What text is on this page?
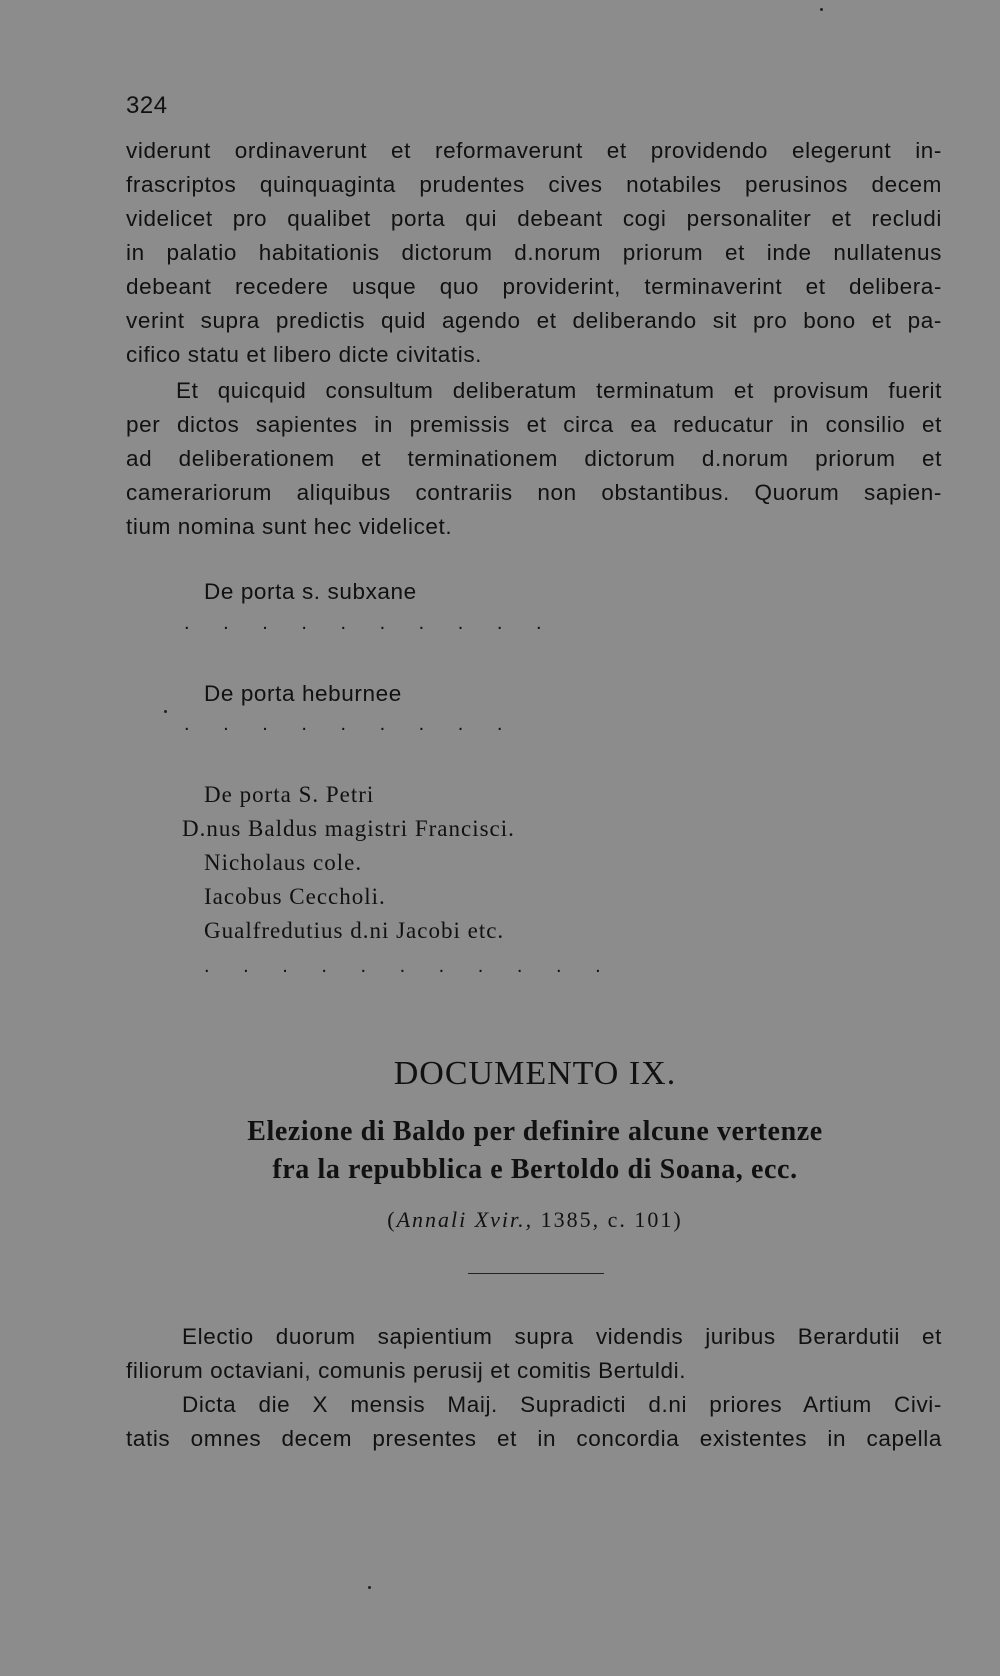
324
viderunt ordinaverunt et reformaverunt et providendo elegerunt in-
frascriptos quinquaginta prudentes cives notabiles perusinos decem
videlicet pro qualibet porta qui debeant cogi personaliter et recludi
in palatio habitationis dictorum d.norum priorum et inde nullatenus
debeant recedere usque quo providerint, terminaverint et delibera-
verint supra predictis quid agendo et deliberando sit pro bono et pa-
cifico statu et libero dicte civitatis.
Et quicquid consultum deliberatum terminatum et provisum fuerit
per dictos sapientes in premissis et circa ea reducatur in consilio et
ad deliberationem et terminationem dictorum d.norum priorum et
camerariorum aliquibus contrariis non obstantibus. Quorum sapien-
tium nomina sunt hec videlicet.
De porta s. subxane
. . . . . . . . . .
De porta heburnee
. . . . . . . . .
De porta S. Petri
D.nus Baldus magistri Francisci.
Nicholaus cole.
Iacobus Ceccholi.
Gualfredutius d.ni Jacobi etc.
. . . . . . . . . . .
DOCUMENTO IX.
Elezione di Baldo per definire alcune vertenze
fra la repubblica e Bertoldo di Soana, ecc.
(Annali Xvir., 1385, c. 101)
Electio duorum sapientium supra videndis juribus Berardutii et
filiorum octaviani, comunis perusij et comitis Bertuldi.
Dicta die X mensis Maij. Supradicti d.ni priores Artium Civi-
tatis omnes decem presentes et in concordia existentes in capella
